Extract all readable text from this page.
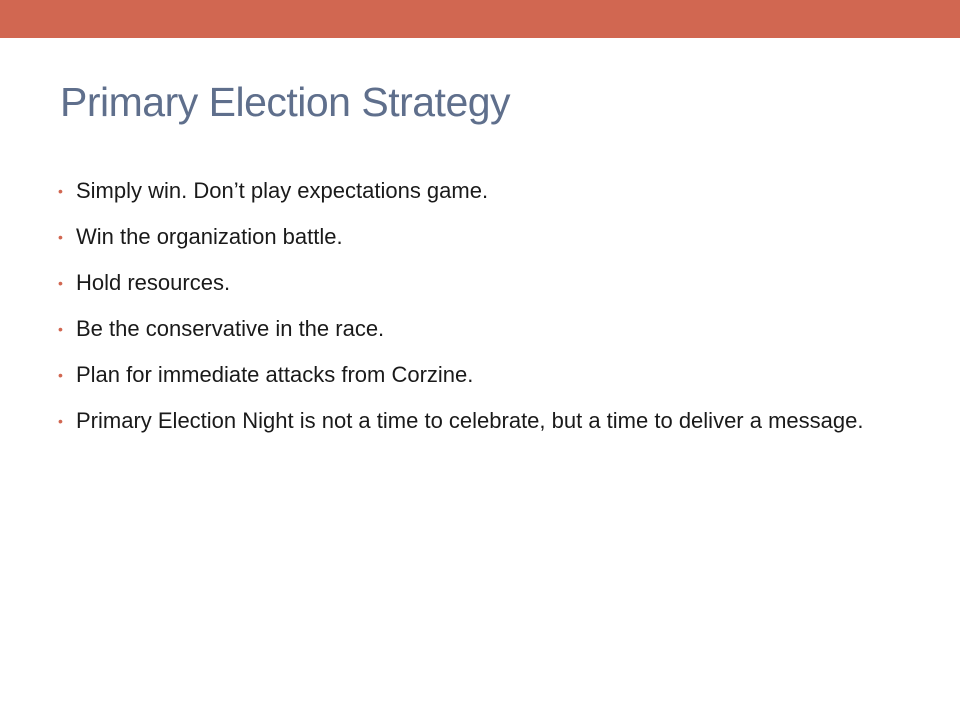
Primary Election Strategy
• Simply win. Don’t play expectations game.
• Win the organization battle.
• Hold resources.
• Be the conservative in the race.
• Plan for immediate attacks from Corzine.
• Primary Election Night is not a time to celebrate, but a time to deliver a message.
